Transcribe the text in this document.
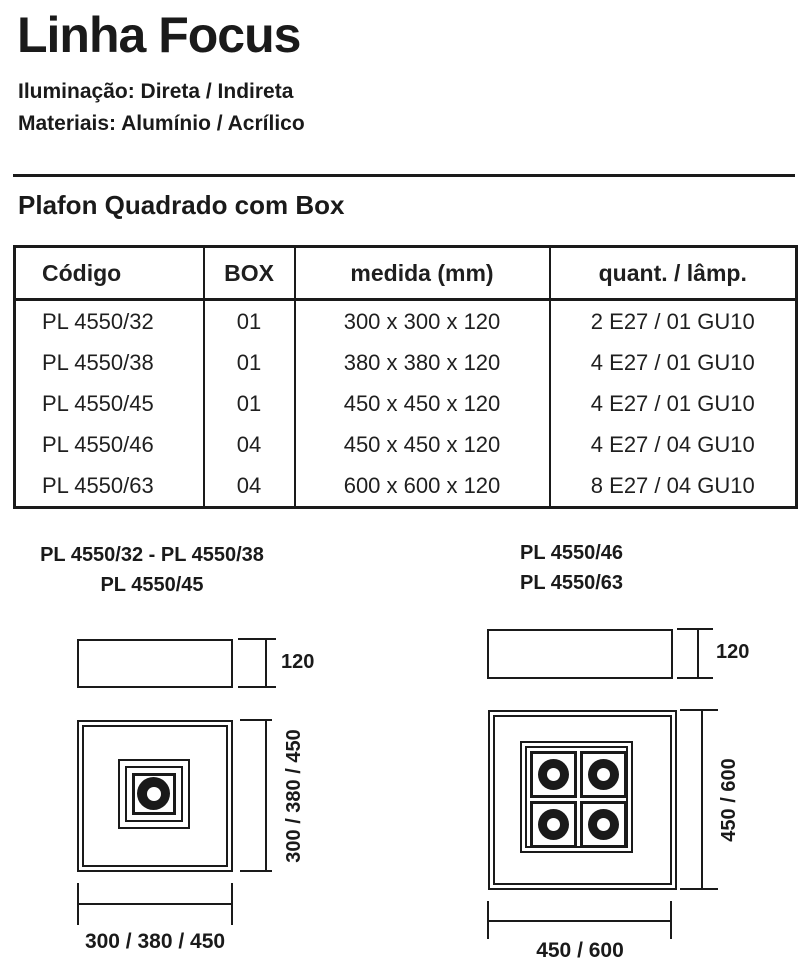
Linha Focus
Iluminação: Direta / Indireta
Materiais: Alumínio / Acrílico
Plafon Quadrado com Box
Código	BOX	medida (mm)	quant. / lâmp.
PL 4550/32	01	300 x 300 x 120	2 E27 / 01 GU10
PL 4550/38	01	380 x 380 x 120	4 E27 / 01 GU10
PL 4550/45	01	450 x 450 x 120	4 E27 / 01 GU10
PL 4550/46	04	450 x 450 x 120	4 E27 / 04 GU10
PL 4550/63	04	600 x 600 x 120	8 E27 / 04 GU10
PL 4550/32 - PL 4550/38
PL 4550/45
120
300 / 380 / 450
300 / 380 / 450
PL 4550/46
PL 4550/63
120
450 / 600
450 / 600
